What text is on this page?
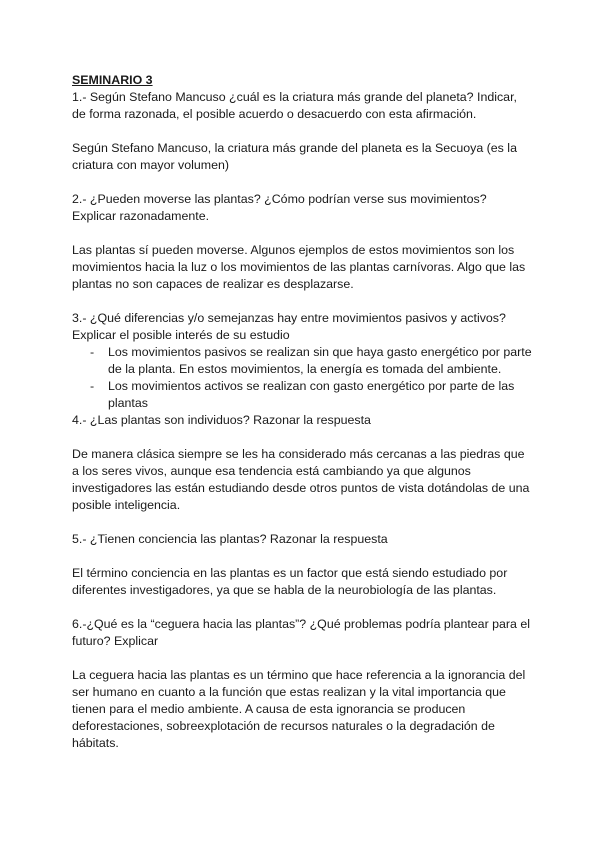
SEMINARIO 3

1.- Según Stefano Mancuso ¿cuál es la criatura más grande del planeta? Indicar, de forma razonada, el posible acuerdo o desacuerdo con esta afirmación.

Según Stefano Mancuso, la criatura más grande del planeta es la Secuoya (es la criatura con mayor volumen)

2.- ¿Pueden moverse las plantas? ¿Cómo podrían verse sus movimientos? Explicar razonadamente.

Las plantas sí pueden moverse. Algunos ejemplos de estos movimientos son los movimientos hacia la luz o los movimientos de las plantas carnívoras. Algo que las plantas no son capaces de realizar es desplazarse.

3.- ¿Qué diferencias y/o semejanzas hay entre movimientos pasivos y activos? Explicar el posible interés de su estudio

- Los movimientos pasivos se realizan sin que haya gasto energético por parte de la planta. En estos movimientos, la energía es tomada del ambiente.
- Los movimientos activos se realizan con gasto energético por parte de las plantas

4.- ¿Las plantas son individuos? Razonar la respuesta

De manera clásica siempre se les ha considerado más cercanas a las piedras que a los seres vivos, aunque esa tendencia está cambiando ya que algunos investigadores las están estudiando desde otros puntos de vista dotándolas de una posible inteligencia.

5.- ¿Tienen conciencia las plantas? Razonar la respuesta

El término conciencia en las plantas es un factor que está siendo estudiado por diferentes investigadores, ya que se habla de la neurobiología de las plantas.

6.-¿Qué es la “ceguera hacia las plantas”? ¿Qué problemas podría plantear para el futuro? Explicar

La ceguera hacia las plantas es un término que hace referencia a la ignorancia del ser humano en cuanto a la función que estas realizan y la vital importancia que tienen para el medio ambiente. A causa de esta ignorancia se producen deforestaciones, sobreexplotación de recursos naturales o la degradación de hábitats.
